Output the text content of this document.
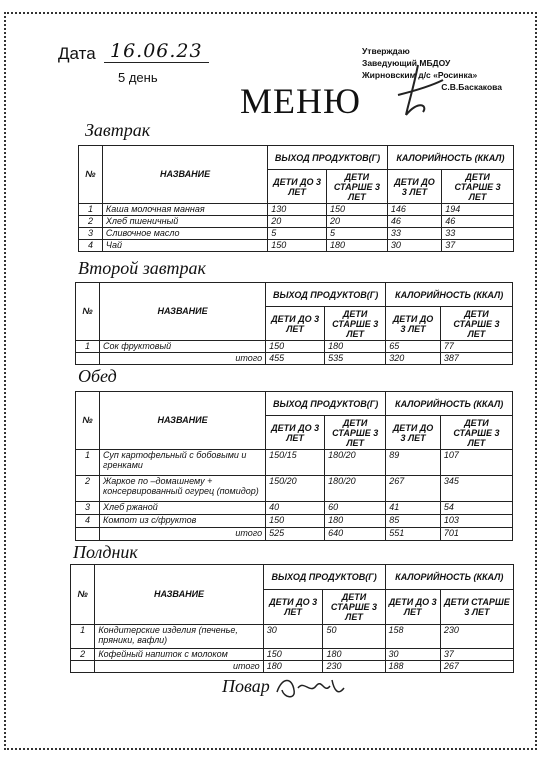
Дата 16.06.23
5 день
Утверждаю
Заведующий МБДОУ
Жирновским д/с «Росинка»
С.В.Баскакова
МЕНЮ
Завтрак
№	НАЗВАНИЕ	ВЫХОД ПРОДУКТОВ(Г)		КАЛОРИЙНОСТЬ (ККАЛ)	
		ДЕТИ ДО 3 ЛЕТ	ДЕТИ СТАРШЕ 3 ЛЕТ	ДЕТИ ДО 3 ЛЕТ	ДЕТИ СТАРШЕ 3 ЛЕТ
1	Каша молочная манная	130	150	146	194
2	Хлеб пшеничный	20	20	46	46
3	Сливочное масло	5	5	33	33
4	Чай	150	180	30	37
Второй завтрак
№	НАЗВАНИЕ	ВЫХОД ПРОДУКТОВ(Г)		КАЛОРИЙНОСТЬ (ККАЛ)	
		ДЕТИ ДО 3 ЛЕТ	ДЕТИ СТАРШЕ 3 ЛЕТ	ДЕТИ ДО 3 ЛЕТ	ДЕТИ СТАРШЕ 3 ЛЕТ
1	Сок фруктовый	150	180	65	77
	итого	455	535	320	387
Обед
№	НАЗВАНИЕ	ВЫХОД ПРОДУКТОВ(Г)		КАЛОРИЙНОСТЬ (ККАЛ)	
		ДЕТИ ДО 3 ЛЕТ	ДЕТИ СТАРШЕ 3 ЛЕТ	ДЕТИ ДО 3 ЛЕТ	ДЕТИ СТАРШЕ 3 ЛЕТ
1	Суп картофельный с бобовыми и гренками	150/15	180/20	89	107
2	Жаркое по –домашнему + консервированный огурец (помидор)	150/20	180/20	267	345
3	Хлеб ржаной	40	60	41	54
4	Компот из с/фруктов	150	180	85	103
	итого	525	640	551	701
Полдник
№	НАЗВАНИЕ	ВЫХОД ПРОДУКТОВ(Г)		КАЛОРИЙНОСТЬ (ККАЛ)	
		ДЕТИ ДО 3 ЛЕТ	ДЕТИ СТАРШЕ 3 ЛЕТ	ДЕТИ ДО 3 ЛЕТ	ДЕТИ СТАРШЕ 3 ЛЕТ
1	Кондитерские изделия (печенье, пряники, вафли)	30	50	158	230
2	Кофейный напиток с молоком	150	180	30	37
	итого	180	230	188	267
Повар
